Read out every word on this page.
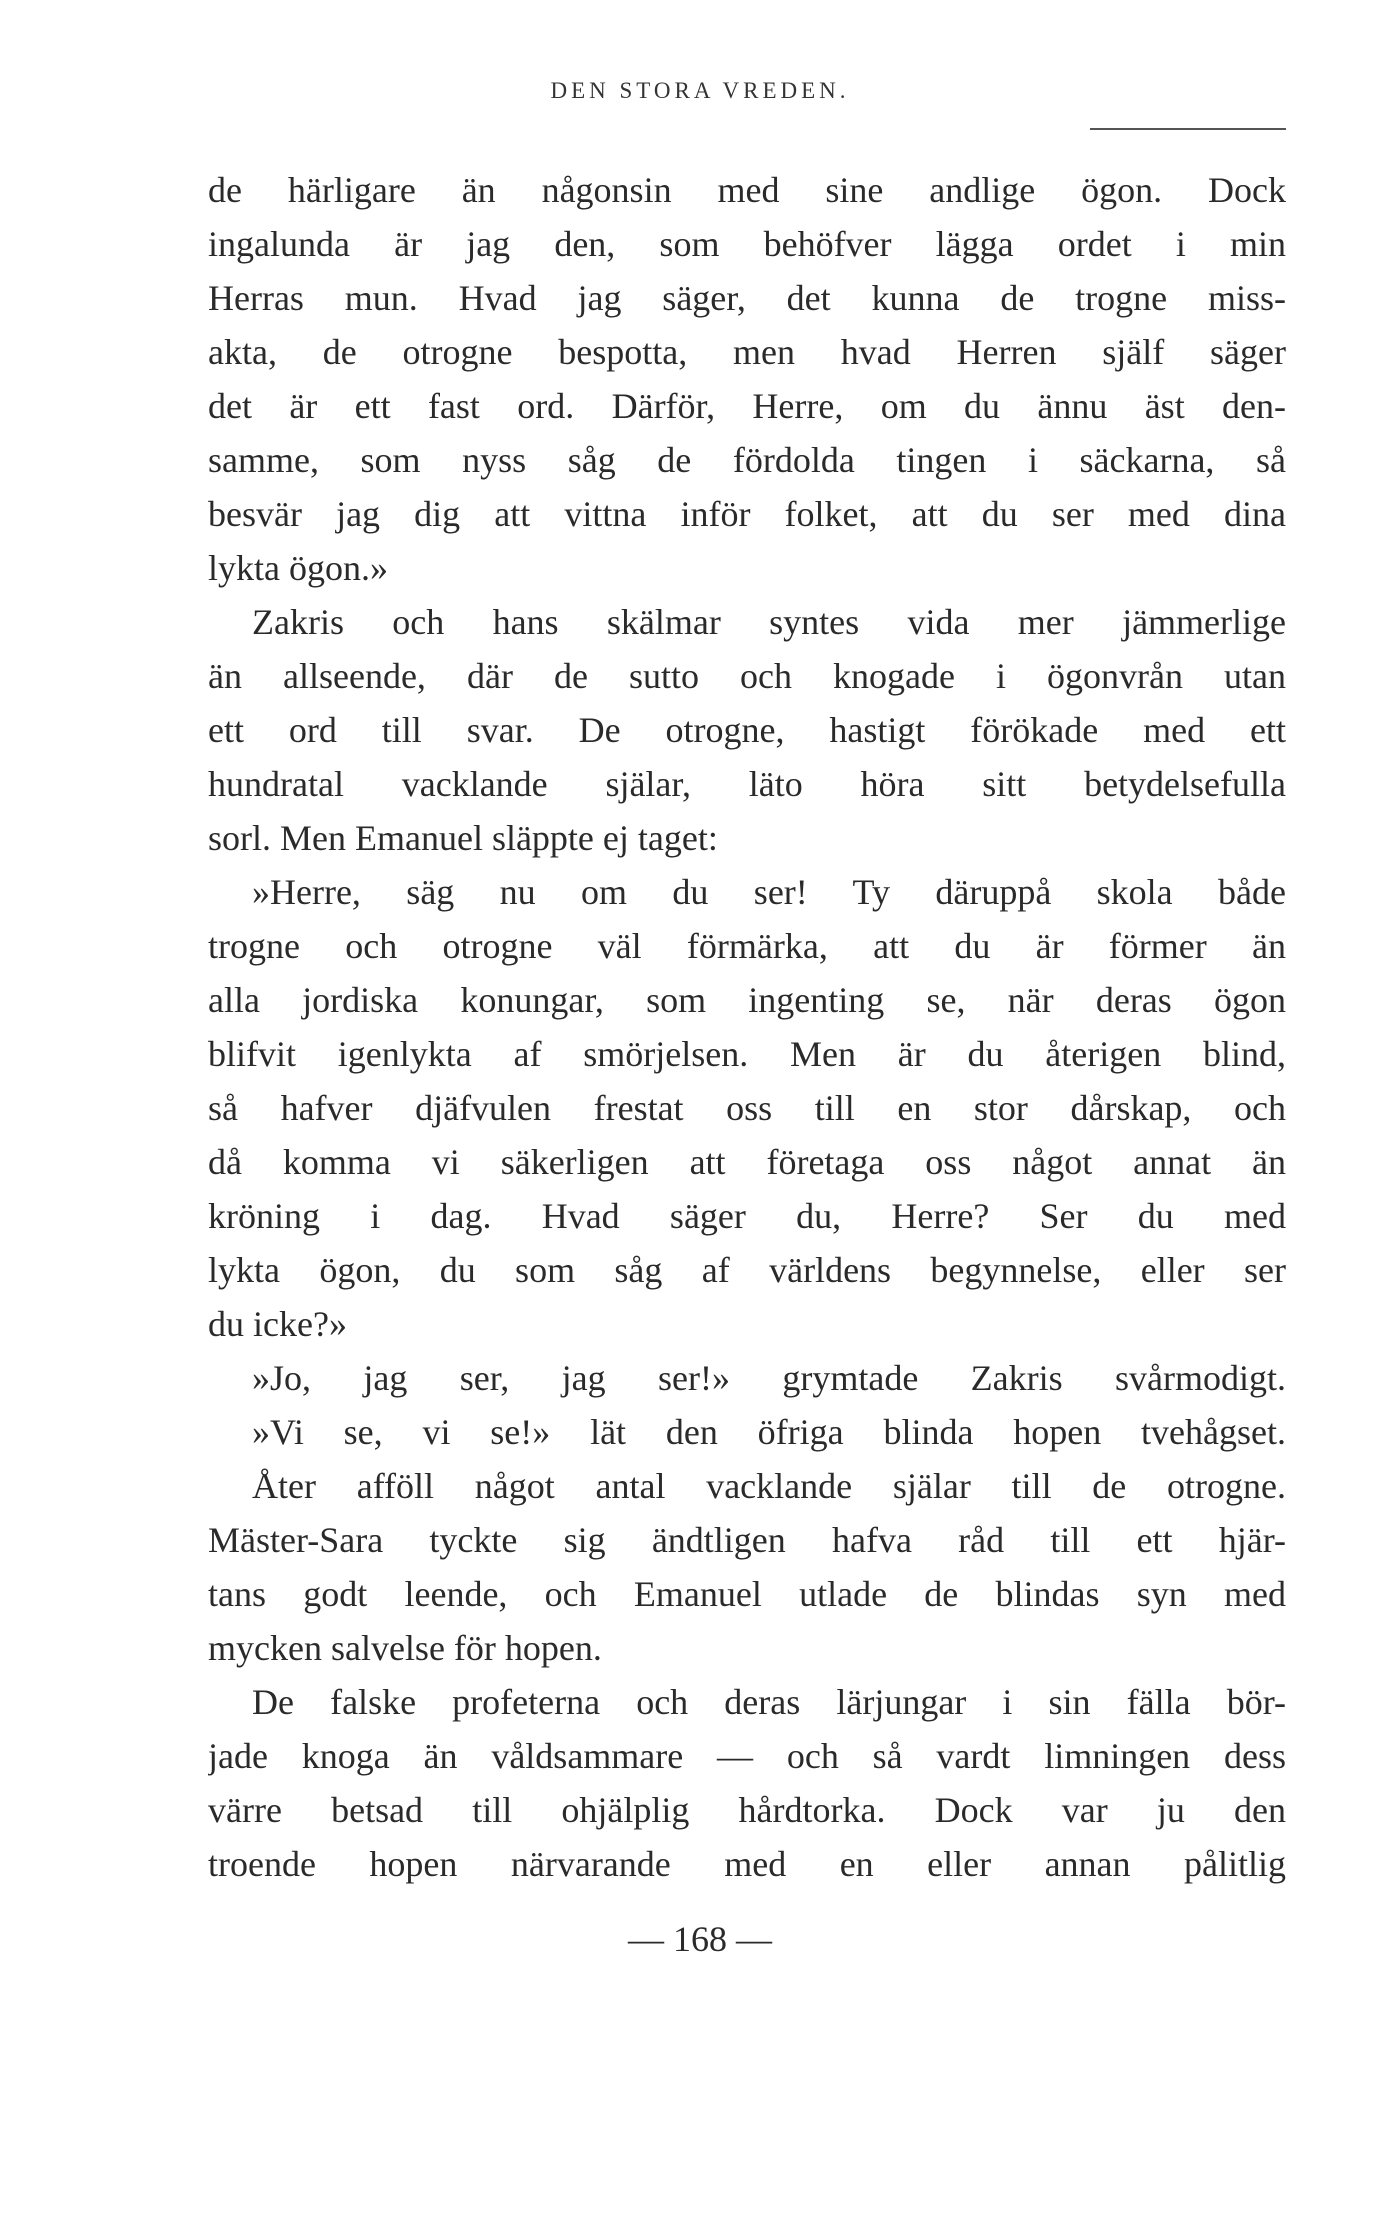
DEN STORA VREDEN.
de härligare än någonsin med sine andlige ögon. Dock
ingalunda är jag den, som behöfver lägga ordet i min
Herras mun. Hvad jag säger, det kunna de trogne miss-
akta, de otrogne bespotta, men hvad Herren själf säger
det är ett fast ord. Därför, Herre, om du ännu äst den-
samme, som nyss såg de fördolda tingen i säckarna, så
besvär jag dig att vittna inför folket, att du ser med dina
lykta ögon.»
Zakris och hans skälmar syntes vida mer jämmerlige
än allseende, där de sutto och knogade i ögonvrån utan
ett ord till svar. De otrogne, hastigt förökade med ett
hundratal vacklande själar, läto höra sitt betydelsefulla
sorl. Men Emanuel släppte ej taget:
»Herre, säg nu om du ser! Ty däruppå skola både
trogne och otrogne väl förmärka, att du är förmer än
alla jordiska konungar, som ingenting se, när deras ögon
blifvit igenlykta af smörjelsen. Men är du återigen blind,
så hafver djäfvulen frestat oss till en stor dårskap, och
då komma vi säkerligen att företaga oss något annat än
kröning i dag. Hvad säger du, Herre? Ser du med
lykta ögon, du som såg af världens begynnelse, eller ser
du icke?»
»Jo, jag ser, jag ser!» grymtade Zakris svårmodigt.
»Vi se, vi se!» lät den öfriga blinda hopen tvehågset.
Åter afföll något antal vacklande själar till de otrogne.
Mäster-Sara tyckte sig ändtligen hafva råd till ett hjär-
tans godt leende, och Emanuel utlade de blindas syn med
mycken salvelse för hopen.
De falske profeterna och deras lärjungar i sin fälla bör-
jade knoga än våldsammare — och så vardt limningen dess
värre betsad till ohjälplig hårdtorka. Dock var ju den
troende hopen närvarande med en eller annan pålitlig
— 168 —
